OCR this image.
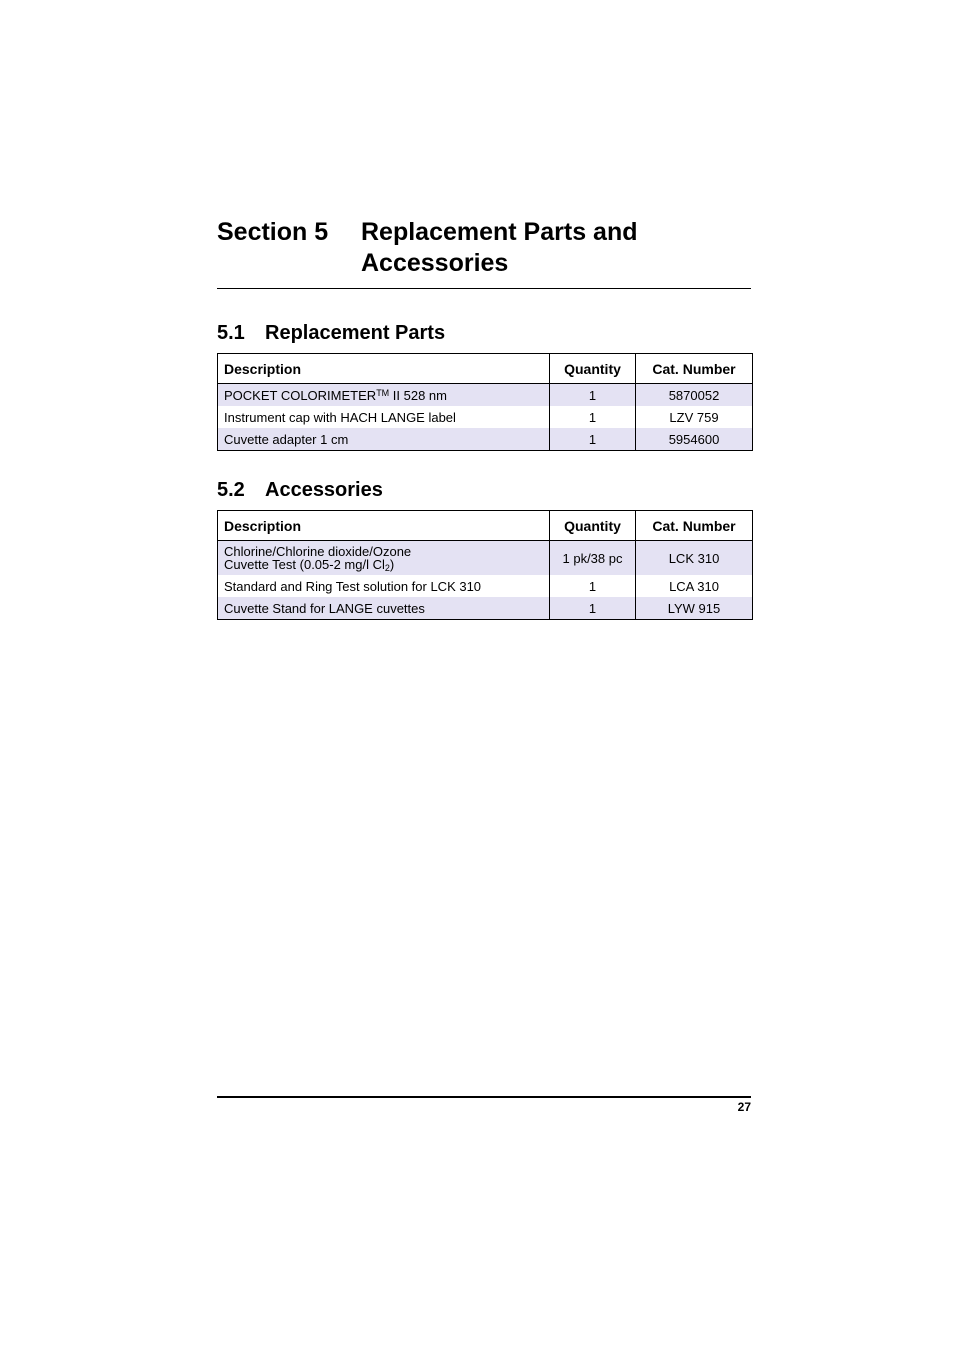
Section 5 Replacement Parts and Accessories
5.1 Replacement Parts
Description	Quantity	Cat. Number
POCKET COLORIMETER™ II 528 nm	1	5870052
Instrument cap with HACH LANGE label	1	LZV 759
Cuvette adapter 1 cm	1	5954600
5.2 Accessories
Description	Quantity	Cat. Number
Chlorine/Chlorine dioxide/Ozone
Cuvette Test (0.05-2 mg/l $Cl_2$)	1 pk/38 pc	LCK 310
Standard and Ring Test solution for LCK 310	1	LCA 310
Cuvette Stand for LANGE cuvettes	1	LYW 915
27
